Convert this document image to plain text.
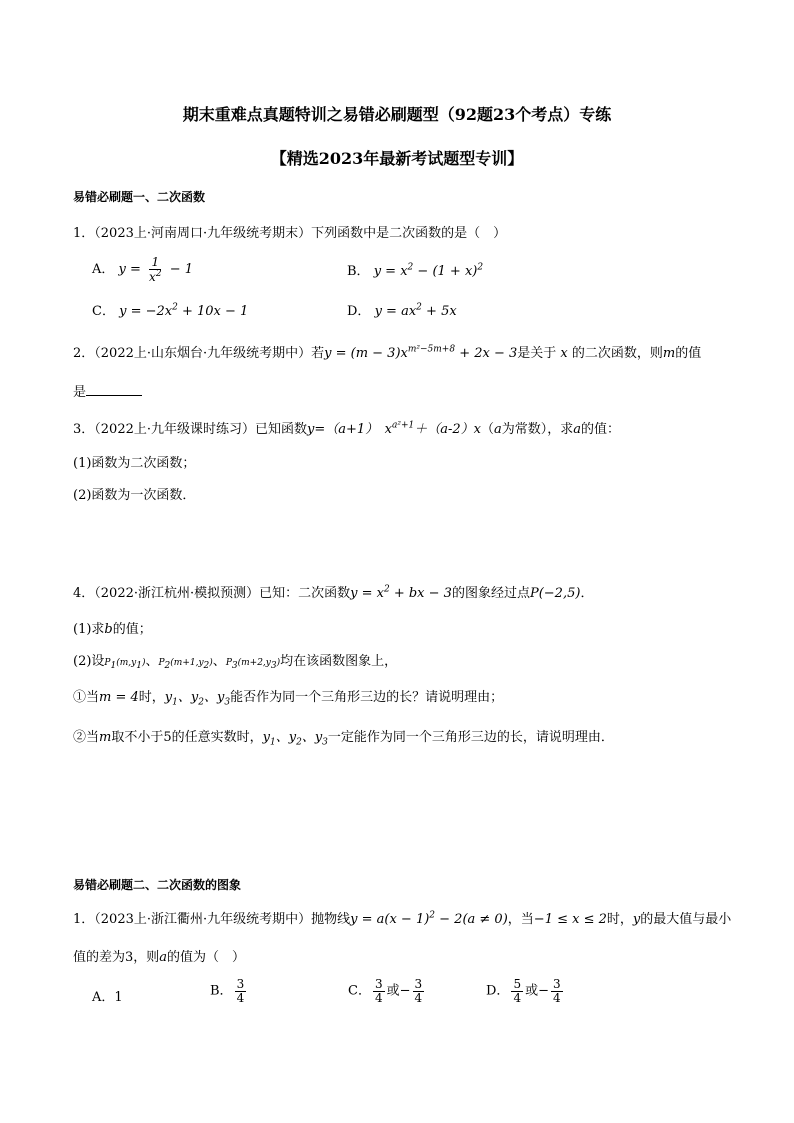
期末重难点真题特训之易错必刷题型（92题23个考点）专练
【精选2023年最新考试题型专训】
易错必刷题一、二次函数
1．（2023上·河南周口·九年级统考期末）下列函数中是二次函数的是（　）
A． $y = \frac{1}{x^2} - 1$	B． $y = x^2 - (1 + x)^2$
C． $y = -2x^2 + 10x - 1$	D． $y = ax^2 + 5x$
2．（2022上·山东烟台·九年级统考期中）若$y = (m - 3)x^{m^2-5m+8} + 2x - 3$是关于 x 的二次函数，则m的值
是
3．（2022上·九年级课时练习）已知函数y=（a+1）　$x^{a^2+1}+(a-2)x(a$为常数），求a的值：
(1)函数为二次函数；
(2)函数为一次函数．
4．（2022·浙江杭州·模拟预测）已知：二次函数$y = x^2$ + bx − 3的图象经过点P(−2,5)．
(1)求b的值；
(2)设$P_1(m,y_1)$、$P_2(m+1,y_2)$、$P_3(m+2,y_3)$均在该函数图象上，
①当m = 4时，$y_1$、$y_2$、$y_3$能否作为同一个三角形三边的长？请说明理由；
②当m取不小于5的任意实数时，$y_1$、$y_2$、$y_3$一定能作为同一个三角形三边的长，请说明理由．
易错必刷题二、二次函数的图象
1．（2023上·浙江衢州·九年级统考期中）抛物线$y = a(x - 1)^2 - 2(a \ne 0)$，当−1 ≤ x ≤ 2时，y的最大值与最小
值的差为3，则a的值为（　）
A．1	B． $\frac{3}{4}$	C． $\frac{3}{4}$ 或− $\frac{3}{4}$	D． $\frac{5}{4}$ 或− $\frac{3}{4}$
